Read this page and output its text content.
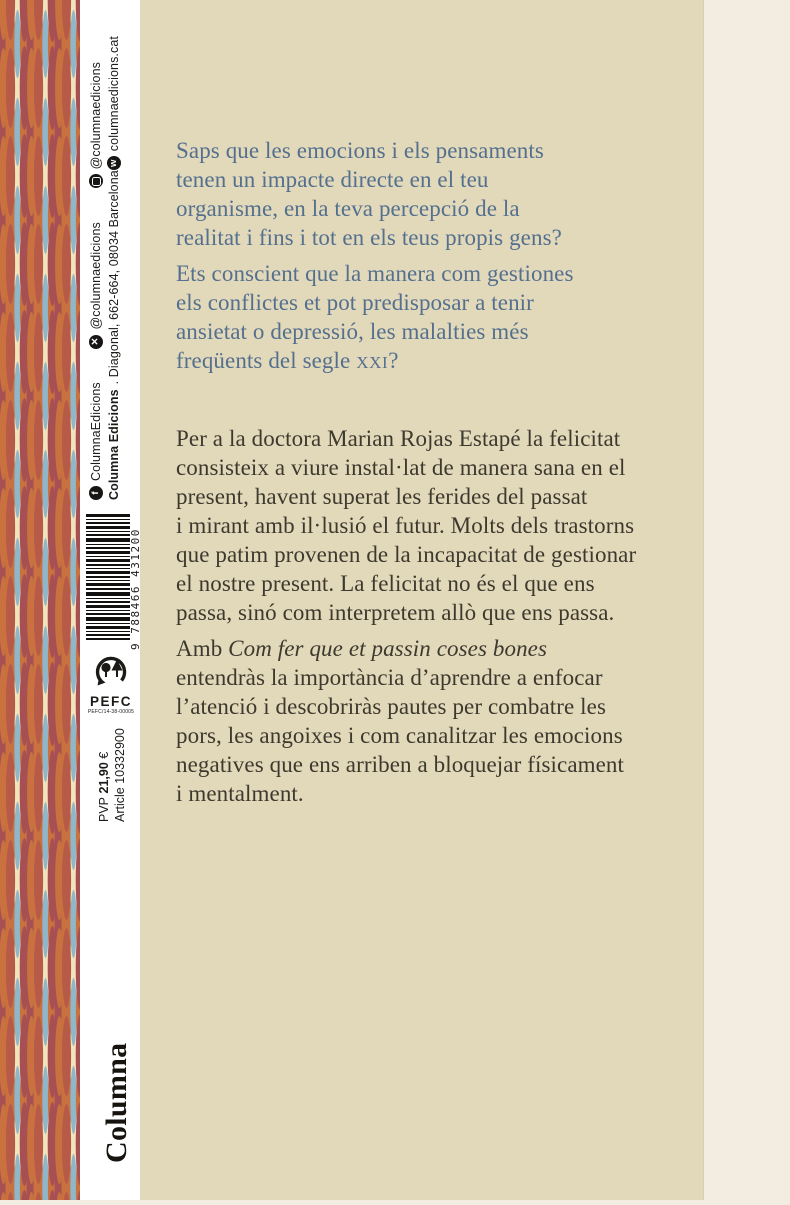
Columna Edicions
. Diagonal, 662-664, 08034 Barcelona
w
columnaedicions.cat
f
ColumnaEdicions
✕
@columnaedicions
@columnaedicions
9 788466 431200
PEFC
PEFC/14-38-00005
PVP 21,90 € Article 10332900
Columna
Saps que les emocions i els pensaments
tenen un impacte directe en el teu
organisme, en la teva percepció de la
realitat i fins i tot en els teus propis gens?
Ets conscient que la manera com gestiones
els conflictes et pot predisposar a tenir
ansietat o depressió, les malalties més
freqüents del segle XXI?
Per a la doctora Marian Rojas Estapé la felicitat
consisteix a viure instal·lat de manera sana en el
present, havent superat les ferides del passat
i mirant amb il·lusió el futur. Molts dels trastorns
que patim provenen de la incapacitat de gestionar
el nostre present. La felicitat no és el que ens
passa, sinó com interpretem allò que ens passa.
Amb Com fer que et passin coses bones
entendràs la importància d’aprendre a enfocar
l’atenció i descobriràs pautes per combatre les
pors, les angoixes i com canalitzar les emocions
negatives que ens arriben a bloquejar físicament
i mentalment.
